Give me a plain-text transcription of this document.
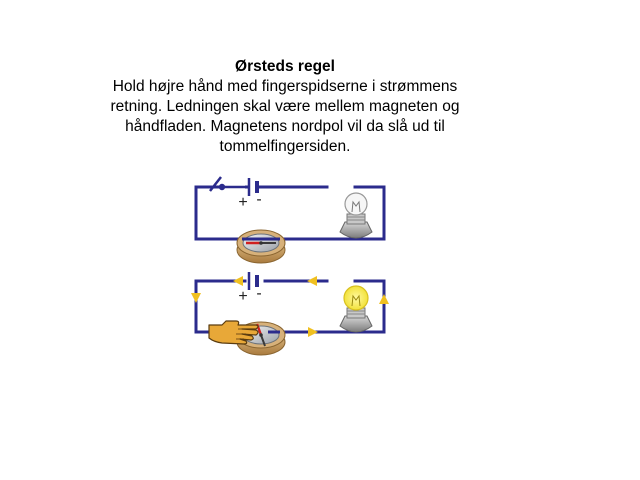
Ørsteds regel
Hold højre hånd med fingerspidserne i strømmens retning. Ledningen skal være mellem magneten og håndfladen. Magnetens nordpol vil da slå ud til tommelfingersiden.
+ -
+ -
